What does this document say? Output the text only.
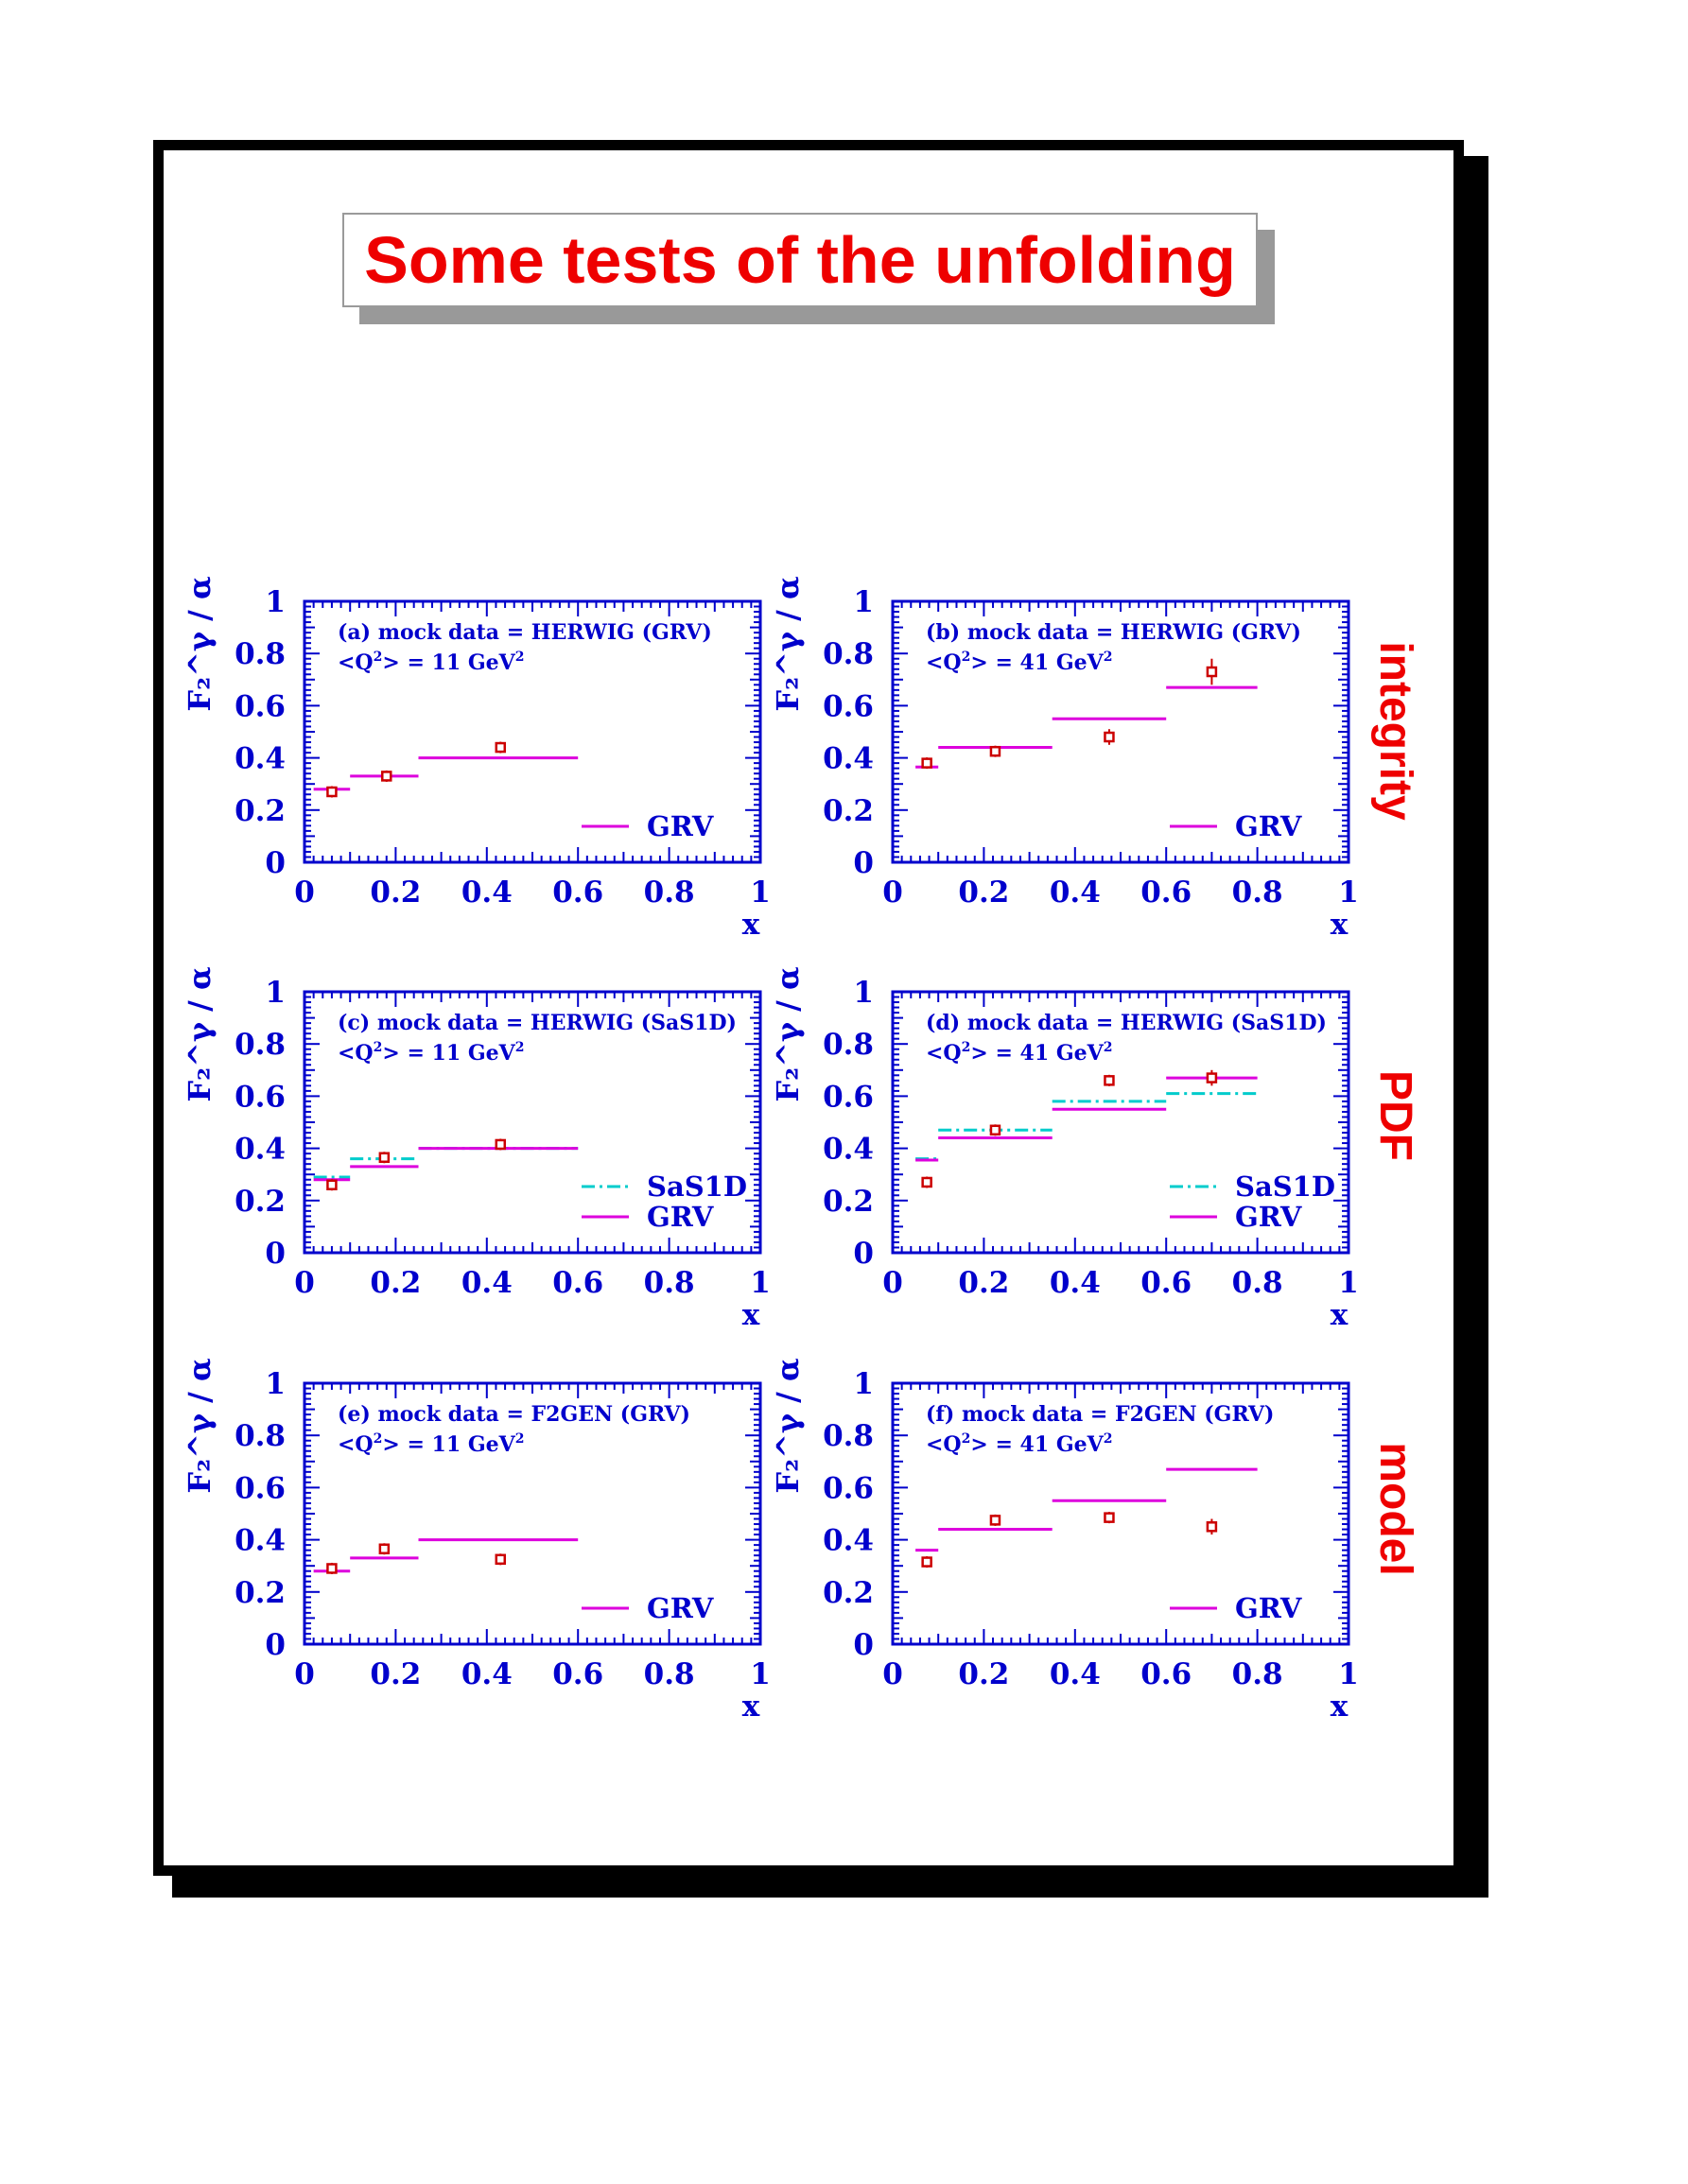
Some tests of the unfolding
integrity
PDF
model
0 0.2 0.4 0.6 0.8 1
0
0.2
0.4
0.6
0.8
1
x
F₂^γ / α	(a) mock data = HERWIG (GRV)
$<Q^2> = 11$ GeV$^2$
GRV
0 0.2 0.4 0.6 0.8 1
0
0.2
0.4
0.6
0.8
1
x
F₂^γ / α	(b) mock data = HERWIG (GRV)
$<Q^2> = 41$ GeV$^2$
GRV
0 0.2 0.4 0.6 0.8 1
0
0.2
0.4
0.6
0.8
1
x
F₂^γ / α	(c) mock data = HERWIG (SaS1D)
$<Q^2> = 11$ GeV$^2$
SaS1D
GRV
0 0.2 0.4 0.6 0.8 1
0
0.2
0.4
0.6
0.8
1
x
F₂^γ / α	(d) mock data = HERWIG (SaS1D)
$<Q^2> = 41$ GeV$^2$
SaS1D
GRV
0 0.2 0.4 0.6 0.8 1
0
0.2
0.4
0.6
0.8
1
x
F₂^γ / α	(e) mock data = F2GEN (GRV)
$<Q^2> = 11$ GeV$^2$
GRV
0 0.2 0.4 0.6 0.8 1
0
0.2
0.4
0.6
0.8
1
x
F₂^γ / α	(f) mock data = F2GEN (GRV)
$<Q^2> = 41$ GeV$^2$
GRV
